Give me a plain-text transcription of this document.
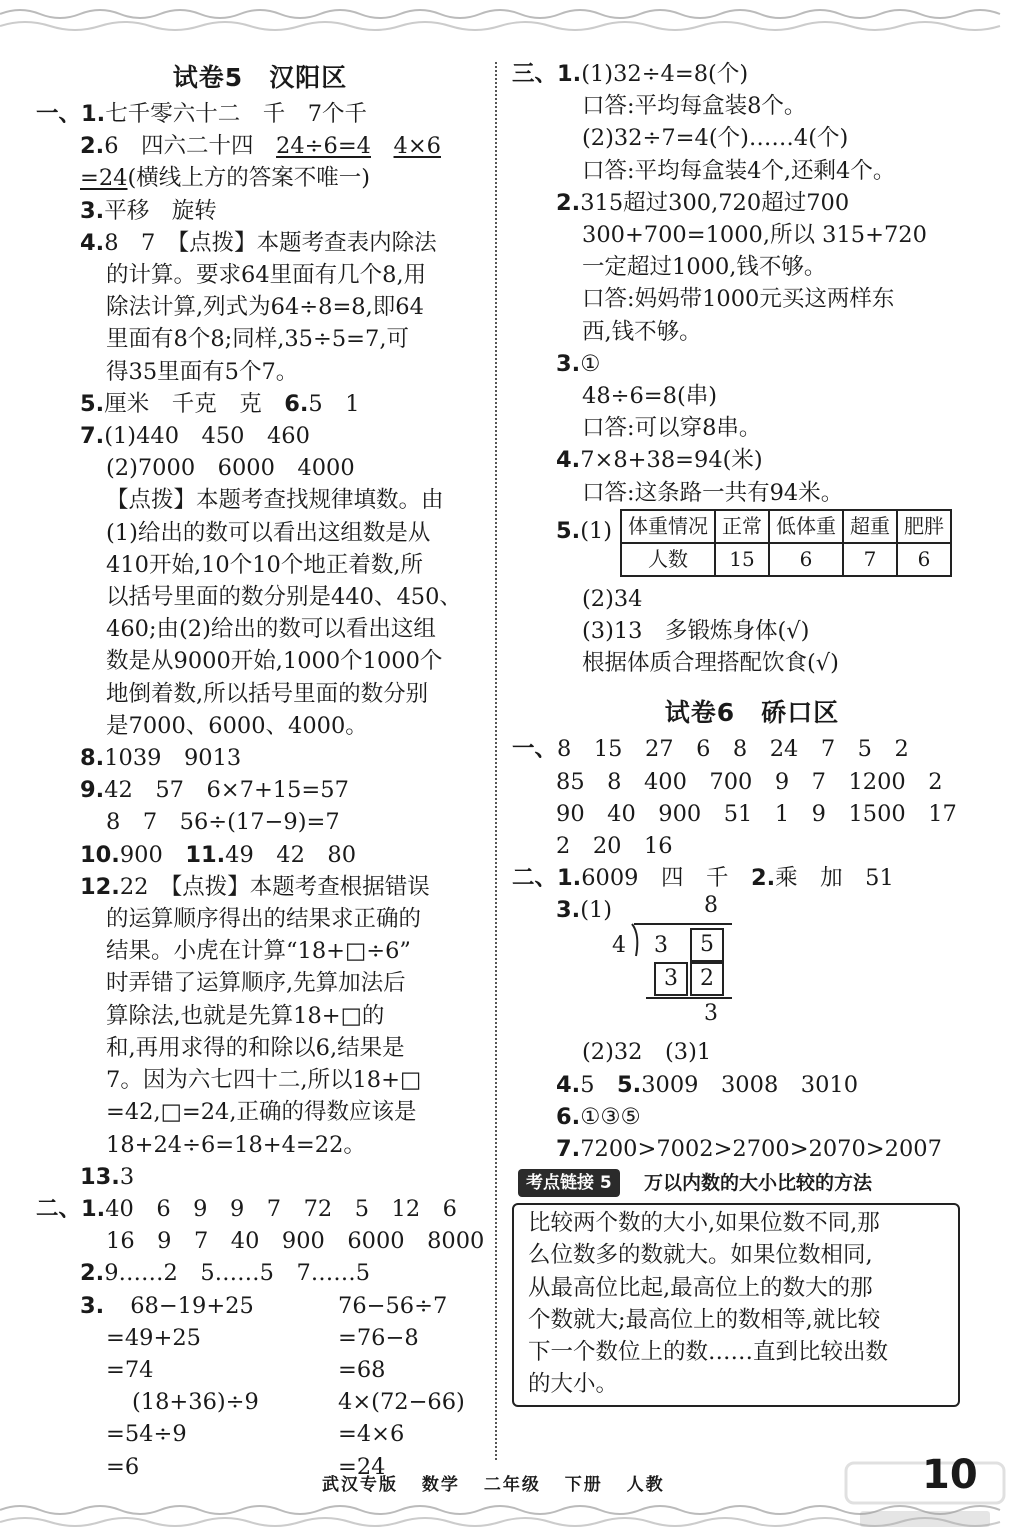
试卷5　汉阳区
一、1.七千零六十二　千　7个千
2.6　四六二十四　24÷6=4　 4×6
=24(横线上方的答案不唯一)
3.平移　旋转
4.8　7　【点拨】本题考查表内除法
的计算。要求64里面有几个8,用
除法计算,列式为64÷8=8,即64
里面有8个8;同样,35÷5=7,可
得35里面有5个7。
5.厘米　千克　克　6.5　1
7.(1)440　450　460
(2)7000　6000　4000
【点拨】本题考查找规律填数。由
(1)给出的数可以看出这组数是从
410开始,10个10个地正着数,所
以括号里面的数分别是440、450、
460;由(2)给出的数可以看出这组
数是从9000开始,1000个1000个
地倒着数,所以括号里面的数分别
是7000、6000、4000。
8.1039　9013
9.42　57　6×7+15=57
8　7　56÷(17−9)=7
10.900　11.49　42　80
12.22　【点拨】本题考查根据错误
的运算顺序得出的结果求正确的
结果。小虎在计算“18+□÷6”
时弄错了运算顺序,先算加法后
算除法,也就是先算18+□的
和,再用求得的和除以6,结果是
7。因为六七四十二,所以18+□
=42,□=24,正确的得数应该是
18+24÷6=18+4=22。
13.3
二、1.40　6　9　9　7　72　5　12　6
16　9　7　40　900　6000　8000
2.9……2　5……5　7……5
3. 68−19+25	76−56÷7
=49+25	=76−8
=74	=68
(18+36)÷9	4×(72−66)
=54÷9	=4×6
=6	=24
三、1.(1)32÷4=8(个)
口答:平均每盒装8个。
(2)32÷7=4(个)……4(个)
口答:平均每盒装4个,还剩4个。
2.315超过300,720超过700
300+700=1000,所以 315+720
一定超过1000,钱不够。
口答:妈妈带1000元买这两样东
西,钱不够。
3.①
48÷6=8(串)
口答:可以穿8串。
4.7×8+38=94(米)
口答:这条路一共有94米。
5.(1) 体重情况	正常	低体重	超重	肥胖
人数	15	6	7	6
(2)34
(3)13　多锻炼身体(√)
根据体质合理搭配饮食(√)
试卷6　硚口区
一、8　15　27　6　8　24　7　5　2
85　8　400　700　9　7　1200　2
90　40　900　51　1　9　1500　17
2　20　16
二、1.6009　四　千　2.乘　加　51
3.(1)	8
4 3	5
3	2
3
(2)32　(3)1
4.5　5.3009　3008　3010
6.①③⑤
7.7200>7002>2700>2070>2007
考点链接 5	万以内数的大小比较的方法
比较两个数的大小,如果位数不同,那
么位数多的数就大。如果位数相同,
从最高位比起,最高位上的数大的那
个数就大;最高位上的数相等,就比较
下一个数位上的数……直到比较出数
的大小。
武汉专版 数学 二年级 下册 人教	10
